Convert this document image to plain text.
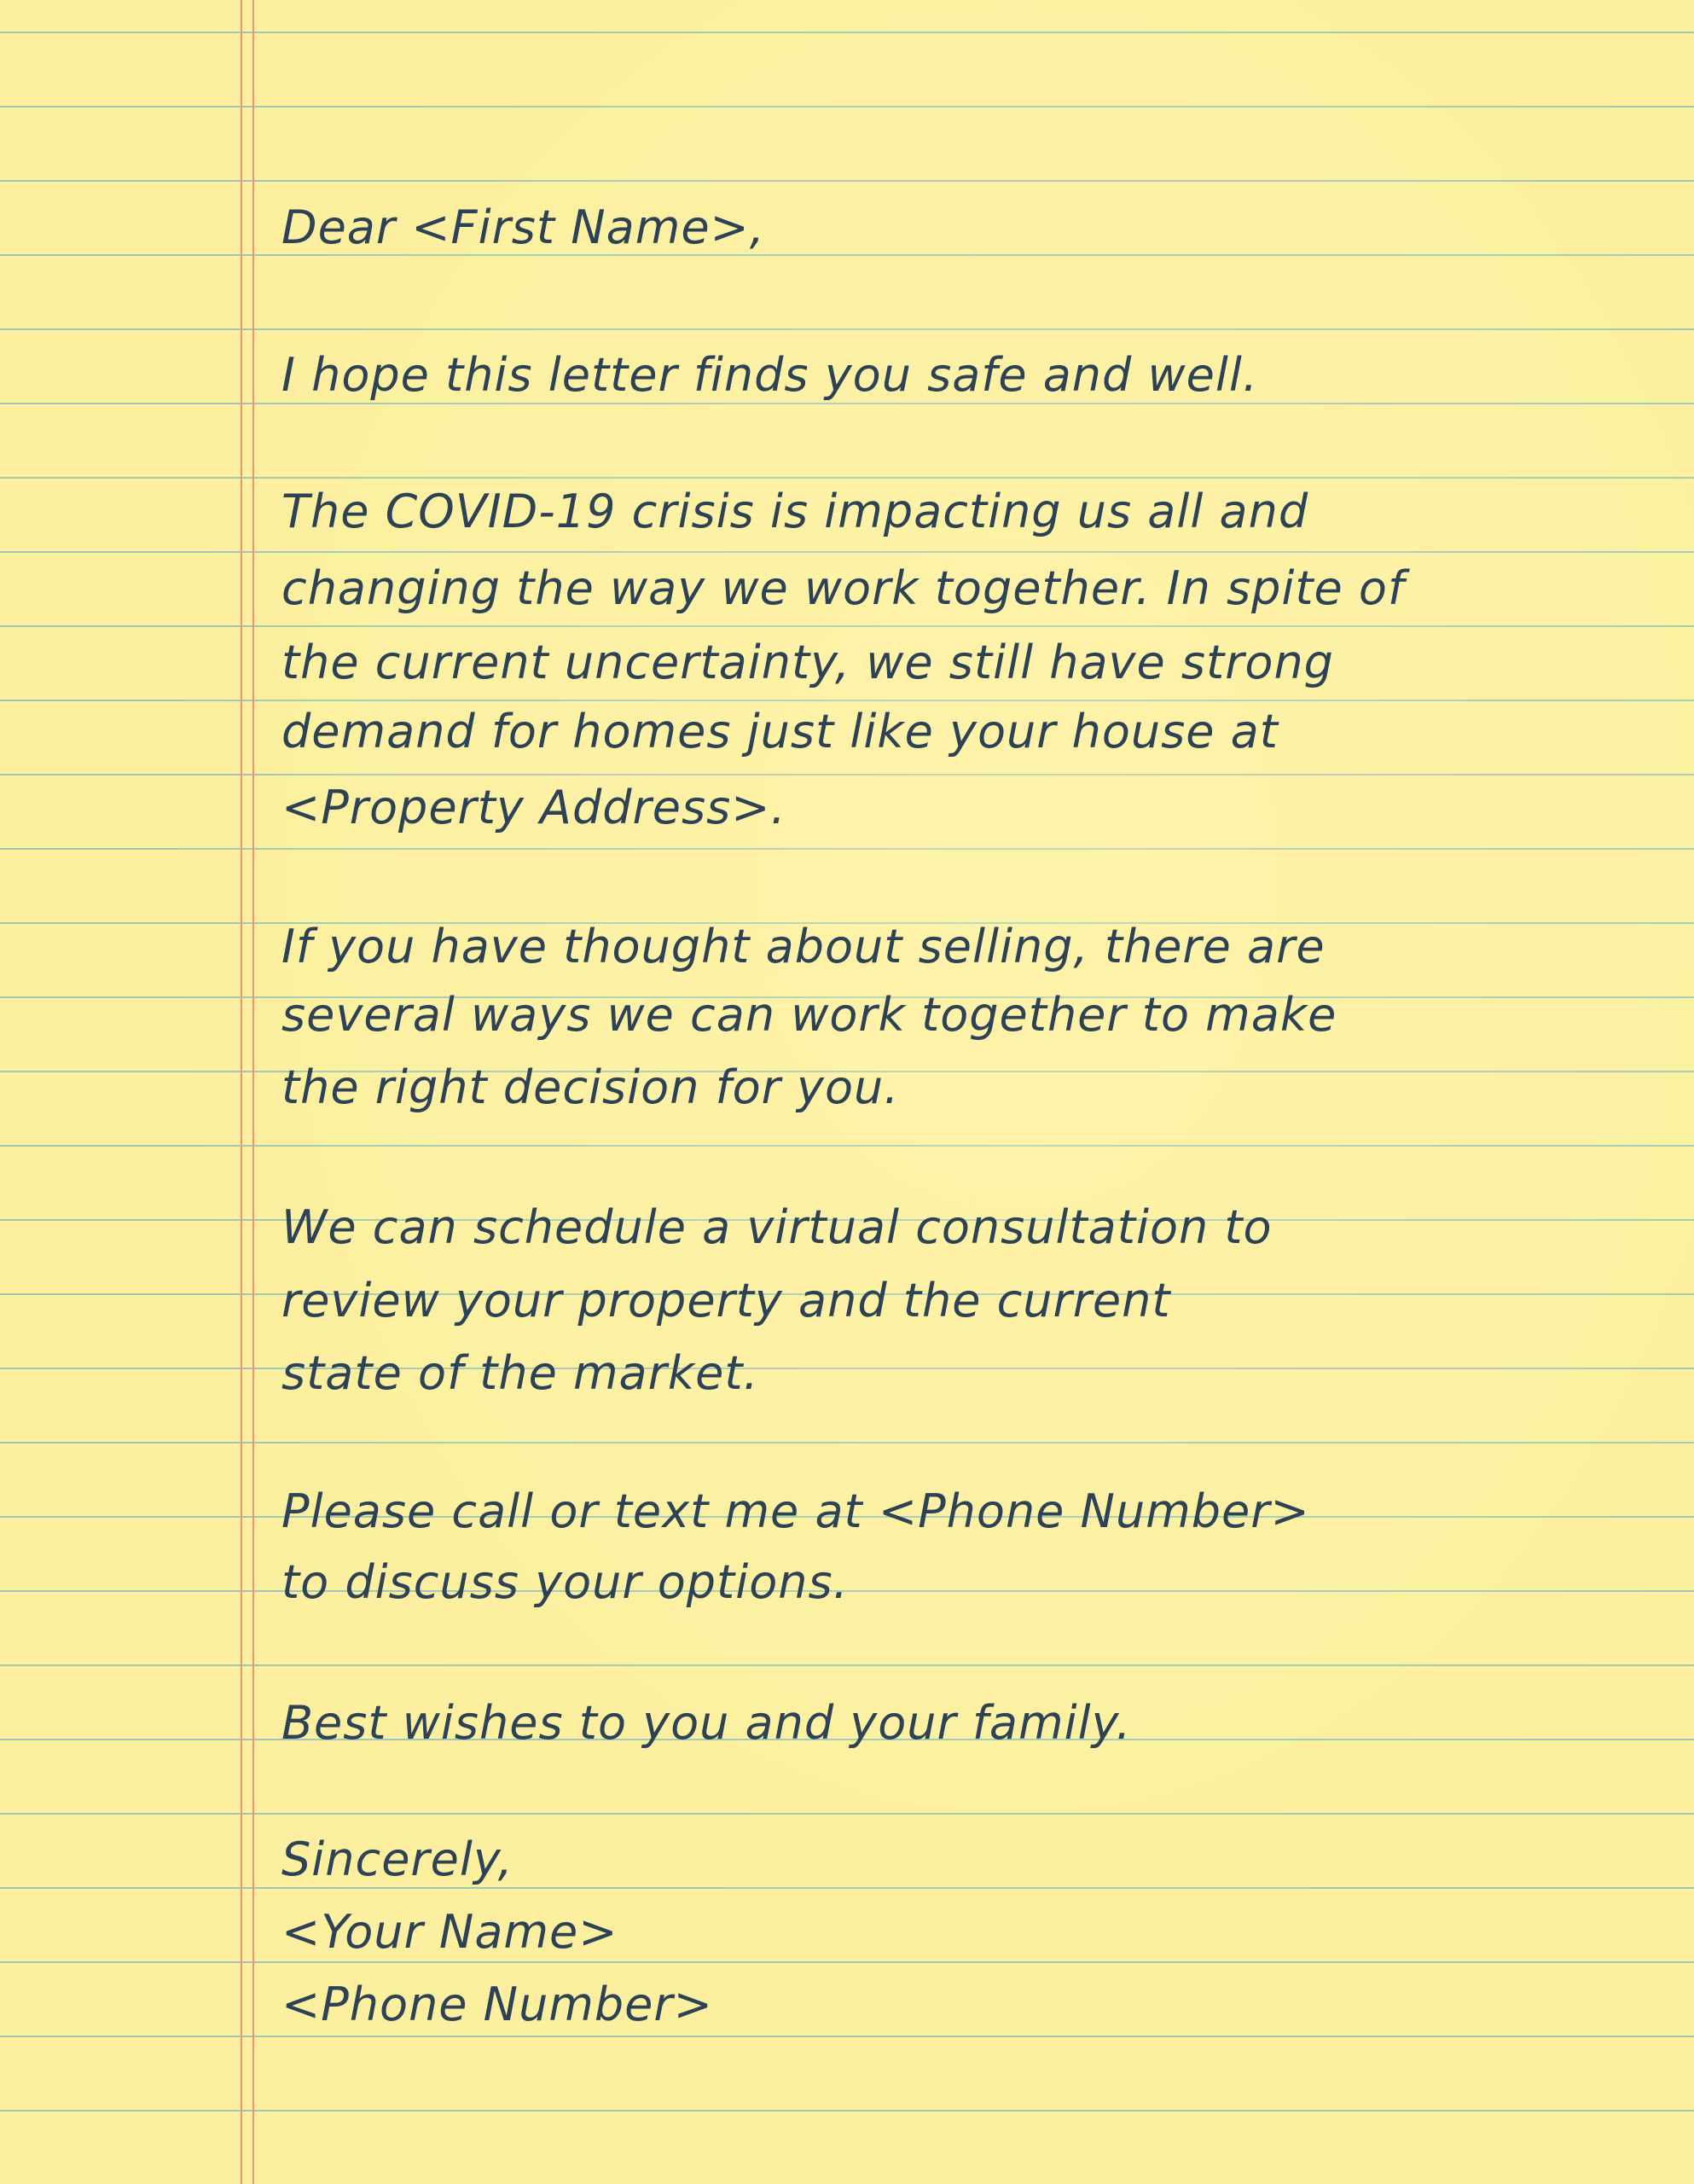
Dear <First Name>,
I hope this letter finds you safe and well.
The COVID-19 crisis is impacting us all and
changing the way we work together. In spite of
the current uncertainty, we still have strong
demand for homes just like your house at
<Property Address>.
If you have thought about selling, there are
several ways we can work together to make
the right decision for you.
We can schedule a virtual consultation to
review your property and the current
state of the market.
Please call or text me at <Phone Number>
to discuss your options.
Best wishes to you and your family.
Sincerely,
<Your Name>
<Phone Number>
